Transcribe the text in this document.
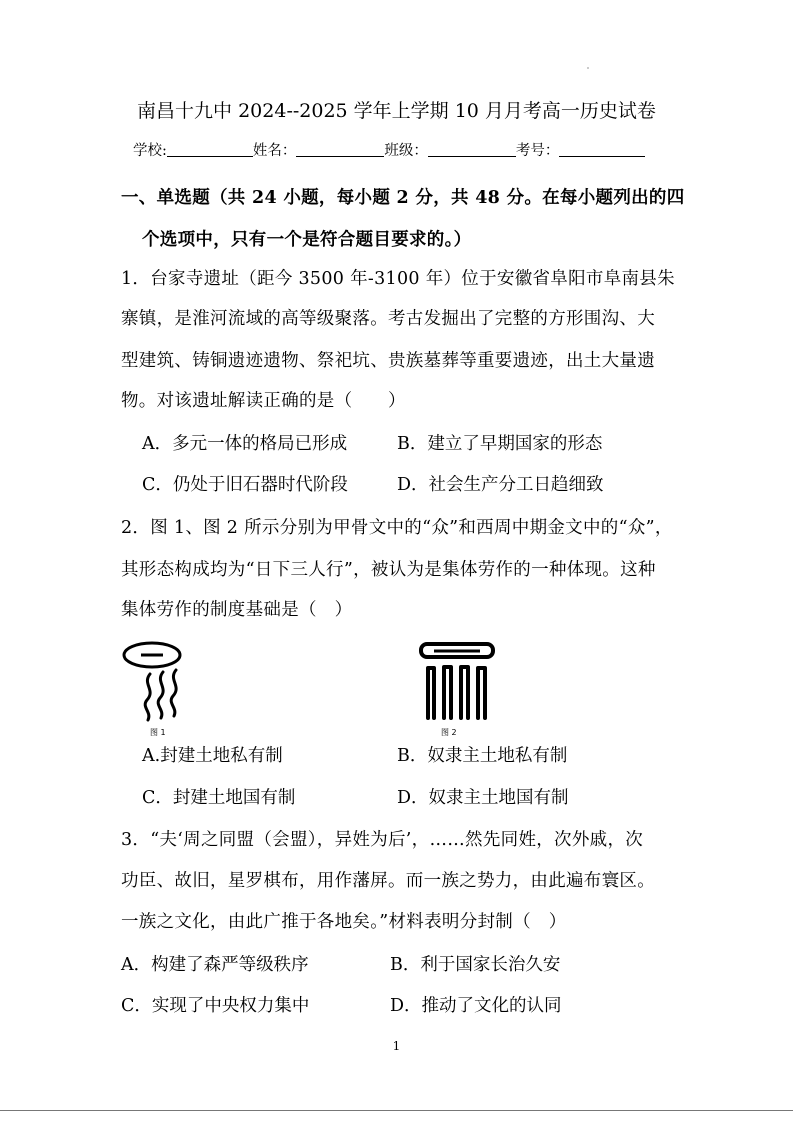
南昌十九中 2024--2025 学年上学期 10 月月考高一历史试卷
学校:	姓名：	班级：	考号：
一、单选题（共 24 小题，每小题 2 分，共 48 分。在每小题列出的四
个选项中，只有一个是符合题目要求的。）
1．台家寺遗址（距今 3500 年-3100 年）位于安徽省阜阳市阜南县朱
寨镇，是淮河流域的高等级聚落。考古发掘出了完整的方形围沟、大
型建筑、铸铜遗迹遗物、祭祀坑、贵族墓葬等重要遗迹，出土大量遗
物。对该遗址解读正确的是（　　）
A．多元一体的格局已形成	B．建立了早期国家的形态
C．仍处于旧石器时代阶段	D．社会生产分工日趋细致
2．图 1、图 2 所示分别为甲骨文中的“众”和西周中期金文中的“众”，
其形态构成均为“日下三人行”，被认为是集体劳作的一种体现。这种
集体劳作的制度基础是（　）
图 1	图 2
A.封建土地私有制	B．奴隶主土地私有制
C．封建土地国有制	D．奴隶主土地国有制
3．“夫‘周之同盟（会盟），异姓为后’，……然先同姓，次外戚，次
功臣、故旧，星罗棋布，用作藩屏。而一族之势力，由此遍布寰区。
一族之文化，由此广推于各地矣。”材料表明分封制（　）
A．构建了森严等级秩序	B．利于国家长治久安
C．实现了中央权力集中	D．推动了文化的认同
1
